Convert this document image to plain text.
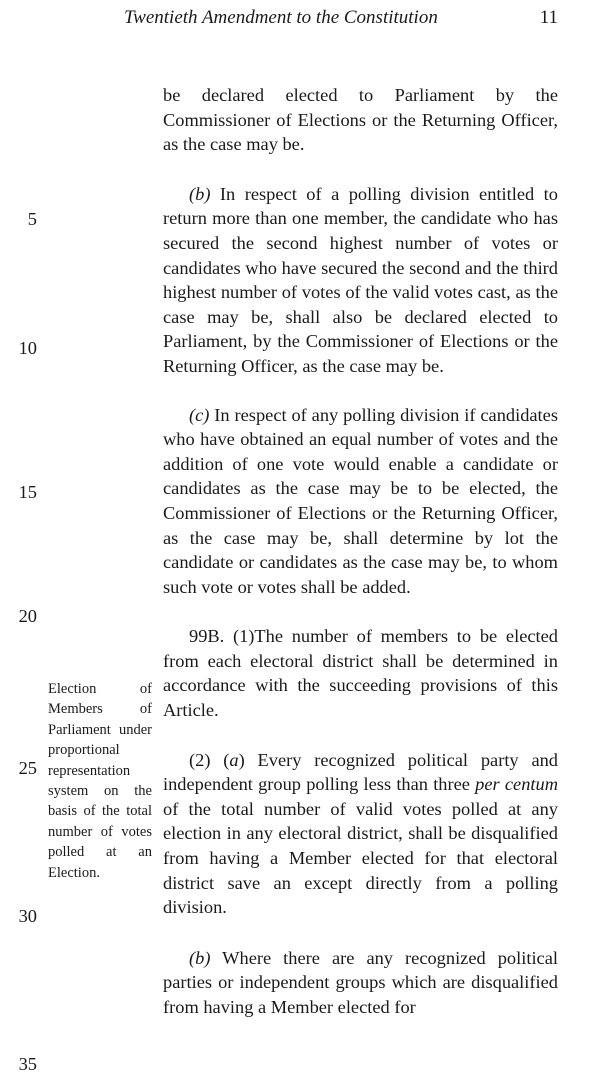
Twentieth Amendment to the Constitution	11
5
10
15
20
25
30
35
Election of Members of Parliament under proportional representation system on the basis of the total number of votes polled at an Election.

be declared elected to Parliament by the Commissioner of Elections or the Returning Officer, as the case may be.

(b) In respect of a polling division entitled to return more than one member, the candidate who has secured the second highest number of votes or candidates who have secured the second and the third highest number of votes of the valid votes cast, as the case may be, shall also be declared elected to Parliament, by the Commissioner of Elections or the Returning Officer, as the case may be.

(c) In respect of any polling division if candidates who have obtained an equal number of votes and the addition of one vote would enable a candidate or candidates as the case may be to be elected, the Commissioner of Elections or the Returning Officer, as the case may be, shall determine by lot the candidate or candidates as the case may be, to whom such vote or votes shall be added.

99B. (1)The number of members to be elected from each electoral district shall be determined in accordance with the succeeding provisions of this Article.

(2) (a) Every recognized political party and independent group polling less than three per centum of the total number of valid votes polled at any election in any electoral district, shall be disqualified from having a Member elected for that electoral district save an except directly from a polling division.

(b) Where there are any recognized political parties or independent groups which are disqualified from having a Member elected for
